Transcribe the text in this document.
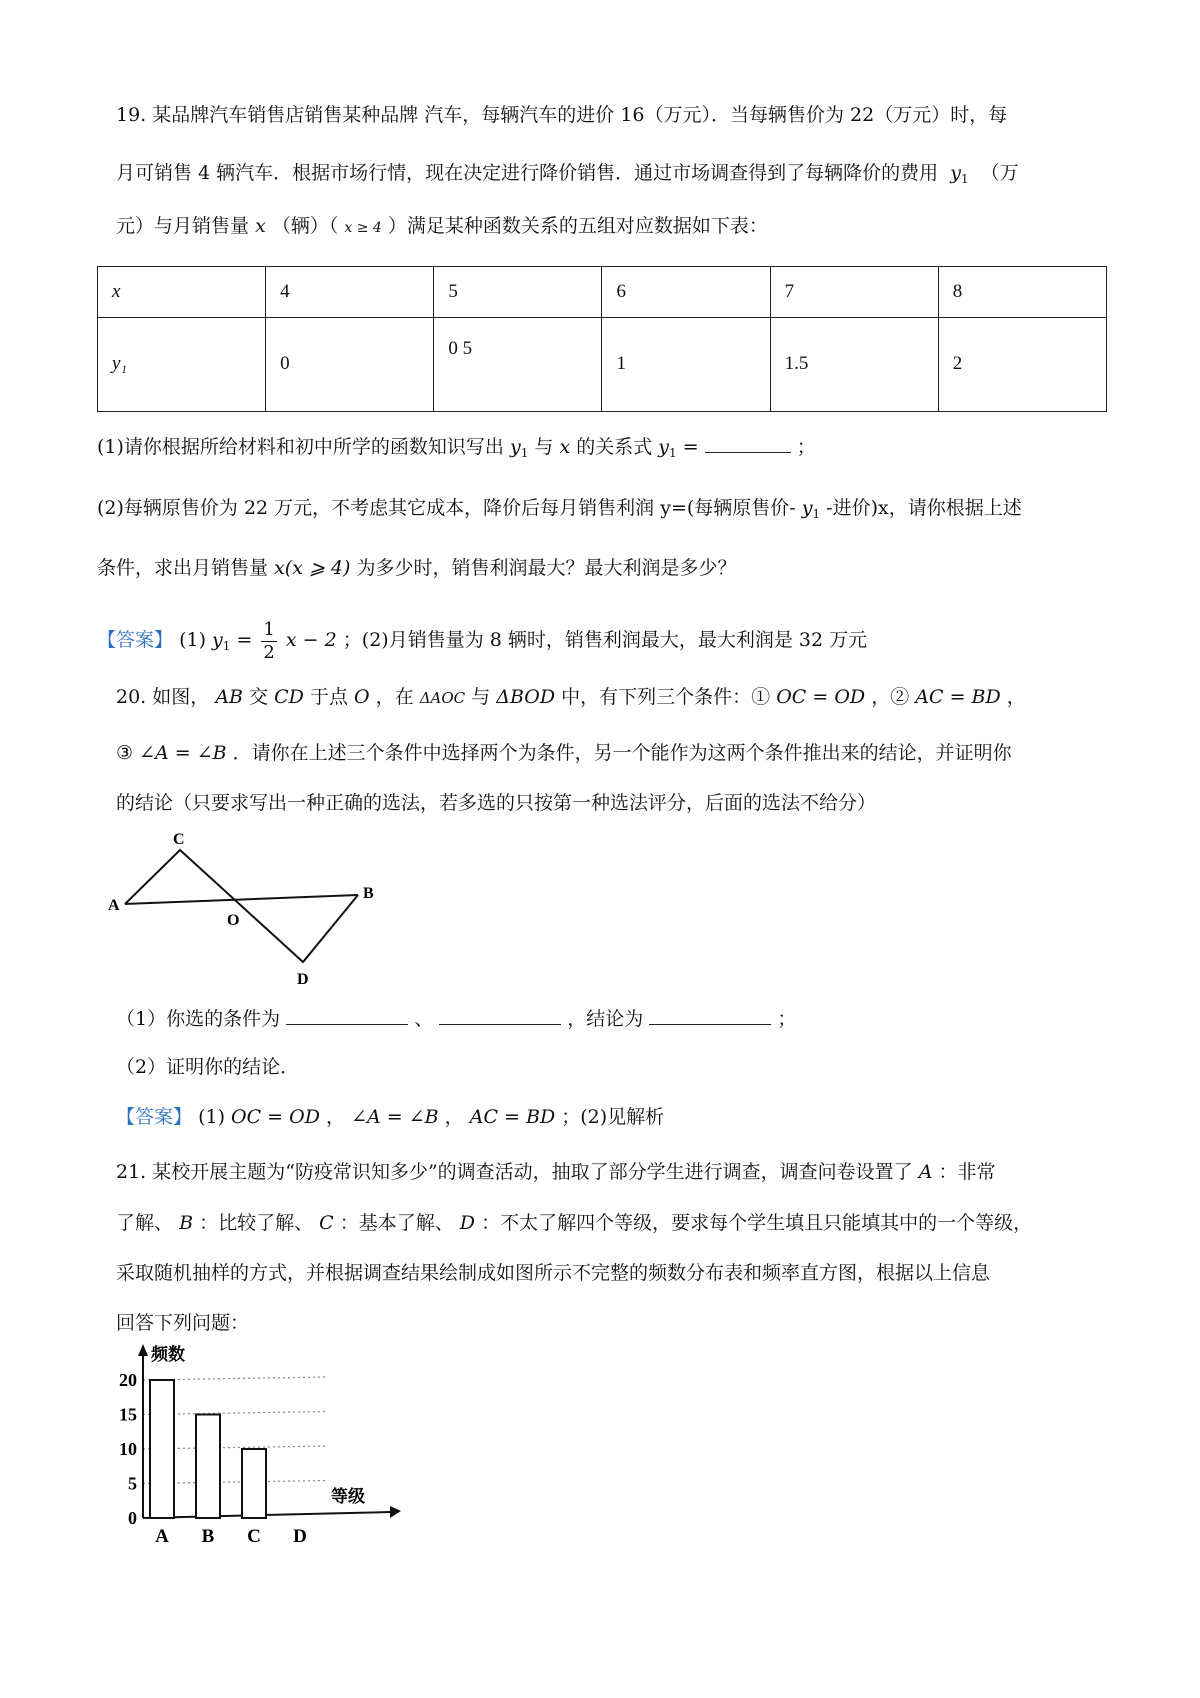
19. 某品牌汽车销售店销售某种品牌 汽车，每辆汽车的进价 16（万元）．当每辆售价为 22（万元）时，每
月可销售 4 辆汽车．根据市场行情，现在决定进行降价销售．通过市场调查得到了每辆降价的费用 $y_1$ （万
元）与月销售量 x （辆）（ x ≥ 4 ）满足某种函数关系的五组对应数据如下表：
x	4	5	6	7	8
y₁	0	0 5	1	1.5	2
(1)请你根据所给材料和初中所学的函数知识写出 $y_1$ 与 x 的关系式 $y_1$ =	；
(2)每辆原售价为 22 万元，不考虑其它成本，降价后每月销售利润 y=(每辆原售价- $y_1$ -进价)x，请你根据上述
条件，求出月销售量 x(x ⩾ 4) 为多少时，销售利润最大？最大利润是多少？
【答案】 (1) $y_1 = \frac{1}{2}$ x − 2 ；(2)月销售量为 8 辆时，销售利润最大，最大利润是 32 万元
20. 如图， AB 交 CD 于点 O ，在 ΔAOC 与 ΔBOD 中，有下列三个条件：① OC = OD ，② AC = BD ，
③ ∠A = ∠B ．请你在上述三个条件中选择两个为条件，另一个能作为这两个条件推出来的结论，并证明你
的结论（只要求写出一种正确的选法，若多选的只按第一种选法评分，后面的选法不给分）
C
A
O
B
D
（1）你选的条件为	、	，结论为	；
（2）证明你的结论．
【答案】 (1) OC = OD ， ∠A = ∠B ， AC = BD ；(2)见解析
21. 某校开展主题为“防疫常识知多少”的调查活动，抽取了部分学生进行调查，调查问卷设置了 A ：非常
了解、 B ：比较了解、 C ：基本了解、 D ：不太了解四个等级，要求每个学生填且只能填其中的一个等级，
采取随机抽样的方式，并根据调查结果绘制成如图所示不完整的频数分布表和频率直方图，根据以上信息
回答下列问题：
频数
等级
0
5
10
15
20
A B C D
